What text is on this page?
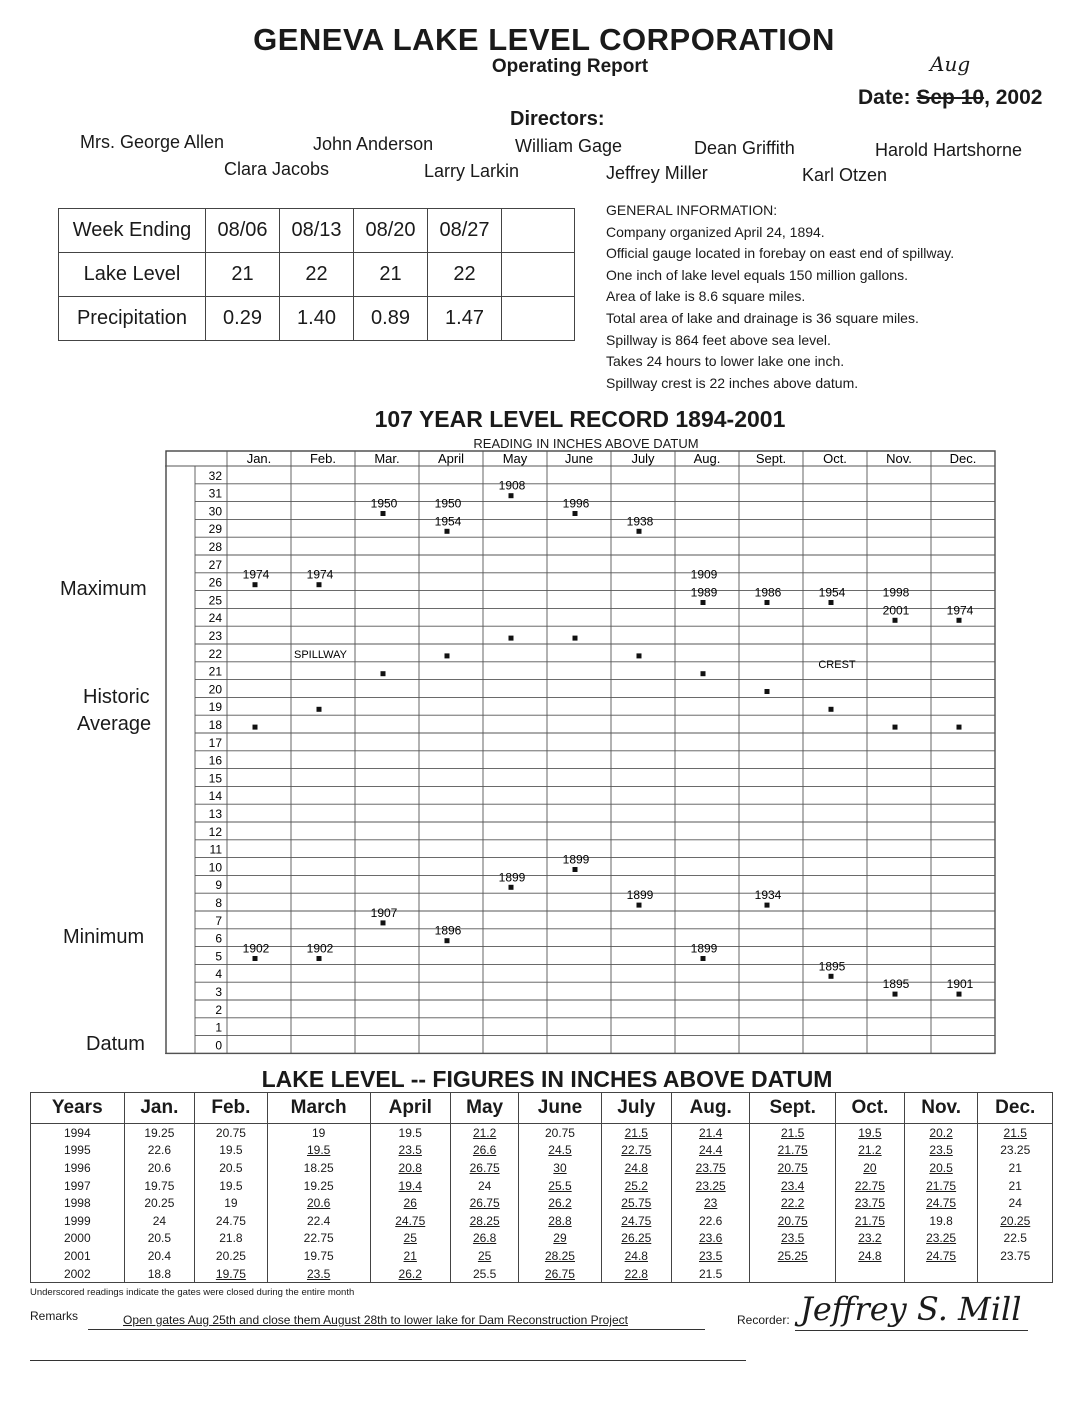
GENEVA LAKE LEVEL CORPORATION
Operating Report	Aug
Date: Sep 10, 2002
Directors:
Mrs. George Allen	John Anderson	William Gage	Dean Griffith	Harold Hartshorne
Clara Jacobs	Larry Larkin	Jeffrey Miller	Karl Otzen
Week Ending	08/06	08/13	08/20	08/27	
Lake Level	21	22	21	22	
Precipitation	0.29	1.40	0.89	1.47	
GENERAL INFORMATION:
Company organized April 24, 1894.
Official gauge located in forebay on east end of spillway.
One inch of lake level equals 150 million gallons.
Area of lake is 8.6 square miles.
Total area of lake and drainage is 36 square miles.
Spillway is 864 feet above sea level.
Takes 24 hours to lower lake one inch.
Spillway crest is 22 inches above datum.
107 YEAR LEVEL RECORD 1894-2001
READING IN INCHES ABOVE DATUM
Maximum
Historic
Average
Minimum
Datum
Jan.	Feb.	Mar.	April	May	June	July	Aug.	Sept.	Oct.	Nov.	Dec.
32
31
30
29
28
27
26
25
24
23
22
21
20
19
18
17
16
15
14
13
12
11
10
9
8
7
6
5
4
3
2
1
0
SPILLWAY
CREST
1974	1974
1950	1950
1954
1908
1996
1938
1909
1989	1986	1954	1998
2001	1974
1902	1902
1907
1896
1899
1899
1899
1899
1934
1895
1895	1901
LAKE LEVEL -- FIGURES IN INCHES ABOVE DATUM
Years	Jan.	Feb.	March	April	May	June	July	Aug.	Sept.	Oct.	Nov.	Dec.
1994	19.25	20.75	19	19.5	21.2	20.75	21.5	21.4	21.5	19.5	20.2	21.5
1995	22.6	19.5	19.5	23.5	26.6	24.5	22.75	24.4	21.75	21.2	23.5	23.25
1996	20.6	20.5	18.25	20.8	26.75	30	24.8	23.75	20.75	20	20.5	21
1997	19.75	19.5	19.25	19.4	24	25.5	25.2	23.25	23.4	22.75	21.75	21
1998	20.25	19	20.6	26	26.75	26.2	25.75	23	22.2	23.75	24.75	24
1999	24	24.75	22.4	24.75	28.25	28.8	24.75	22.6	20.75	21.75	19.8	20.25
2000	20.5	21.8	22.75	25	26.8	29	26.25	23.6	23.5	23.2	23.25	22.5
2001	20.4	20.25	19.75	21	25	28.25	24.8	23.5	25.25	24.8	24.75	23.75
2002	18.8	19.75	23.5	26.2	25.5	26.75	22.8	21.5				
Underscored readings indicate the gates were closed during the entire month
Remarks	Open gates Aug 25th and close them August 28th to lower lake for Dam Reconstruction Project	Recorder: Jeffrey S. Mill
